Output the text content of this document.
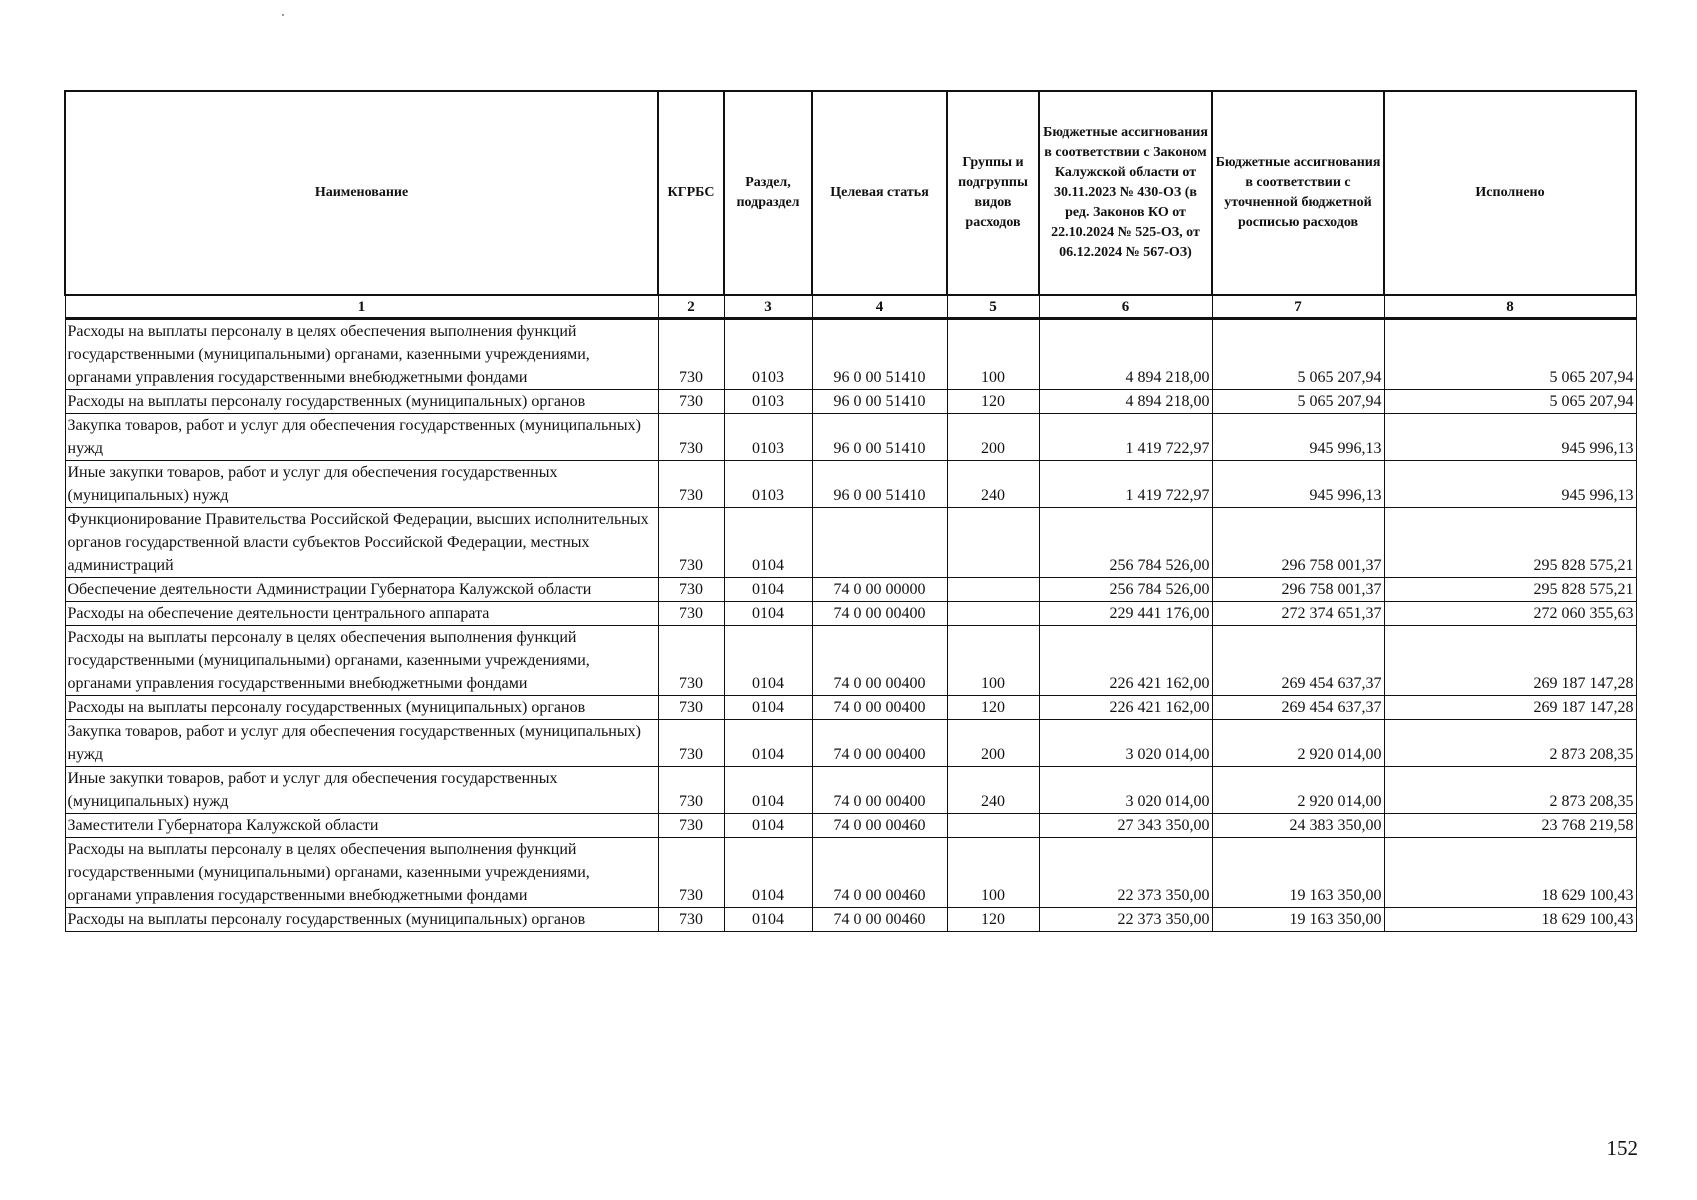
Наименование	КГРБС	Раздел, подраздел	Целевая статья	Группы и подгруппы видов расходов	Бюджетные ассигнования в соответствии с Законом Калужской области от 30.11.2023 № 430-ОЗ (в ред. Законов КО от 22.10.2024 № 525-ОЗ, от 06.12.2024 № 567-ОЗ)	Бюджетные ассигнования в соответствии с уточненной бюджетной росписью расходов	Исполнено
1	2	3	4	5	6	7	8
Расходы на выплаты персоналу в целях обеспечения выполнения функций государственными (муниципальными) органами, казенными учреждениями, органами управления государственными внебюджетными фондами	730	0103	96 0 00 51410	100	4 894 218,00	5 065 207,94	5 065 207,94
Расходы на выплаты персоналу государственных (муниципальных) органов	730	0103	96 0 00 51410	120	4 894 218,00	5 065 207,94	5 065 207,94
Закупка товаров, работ и услуг для обеспечения государственных (муниципальных) нужд	730	0103	96 0 00 51410	200	1 419 722,97	945 996,13	945 996,13
Иные закупки товаров, работ и услуг для обеспечения государственных (муниципальных) нужд	730	0103	96 0 00 51410	240	1 419 722,97	945 996,13	945 996,13
Функционирование Правительства Российской Федерации, высших исполнительных органов государственной власти субъектов Российской Федерации, местных администраций	730	0104			256 784 526,00	296 758 001,37	295 828 575,21
Обеспечение деятельности Администрации Губернатора Калужской области	730	0104	74 0 00 00000		256 784 526,00	296 758 001,37	295 828 575,21
Расходы на обеспечение деятельности центрального аппарата	730	0104	74 0 00 00400		229 441 176,00	272 374 651,37	272 060 355,63
Расходы на выплаты персоналу в целях обеспечения выполнения функций государственными (муниципальными) органами, казенными учреждениями, органами управления государственными внебюджетными фондами	730	0104	74 0 00 00400	100	226 421 162,00	269 454 637,37	269 187 147,28
Расходы на выплаты персоналу государственных (муниципальных) органов	730	0104	74 0 00 00400	120	226 421 162,00	269 454 637,37	269 187 147,28
Закупка товаров, работ и услуг для обеспечения государственных (муниципальных) нужд	730	0104	74 0 00 00400	200	3 020 014,00	2 920 014,00	2 873 208,35
Иные закупки товаров, работ и услуг для обеспечения государственных (муниципальных) нужд	730	0104	74 0 00 00400	240	3 020 014,00	2 920 014,00	2 873 208,35
Заместители Губернатора Калужской области	730	0104	74 0 00 00460		27 343 350,00	24 383 350,00	23 768 219,58
Расходы на выплаты персоналу в целях обеспечения выполнения функций государственными (муниципальными) органами, казенными учреждениями, органами управления государственными внебюджетными фондами	730	0104	74 0 00 00460	100	22 373 350,00	19 163 350,00	18 629 100,43
Расходы на выплаты персоналу государственных (муниципальных) органов	730	0104	74 0 00 00460	120	22 373 350,00	19 163 350,00	18 629 100,43
152
